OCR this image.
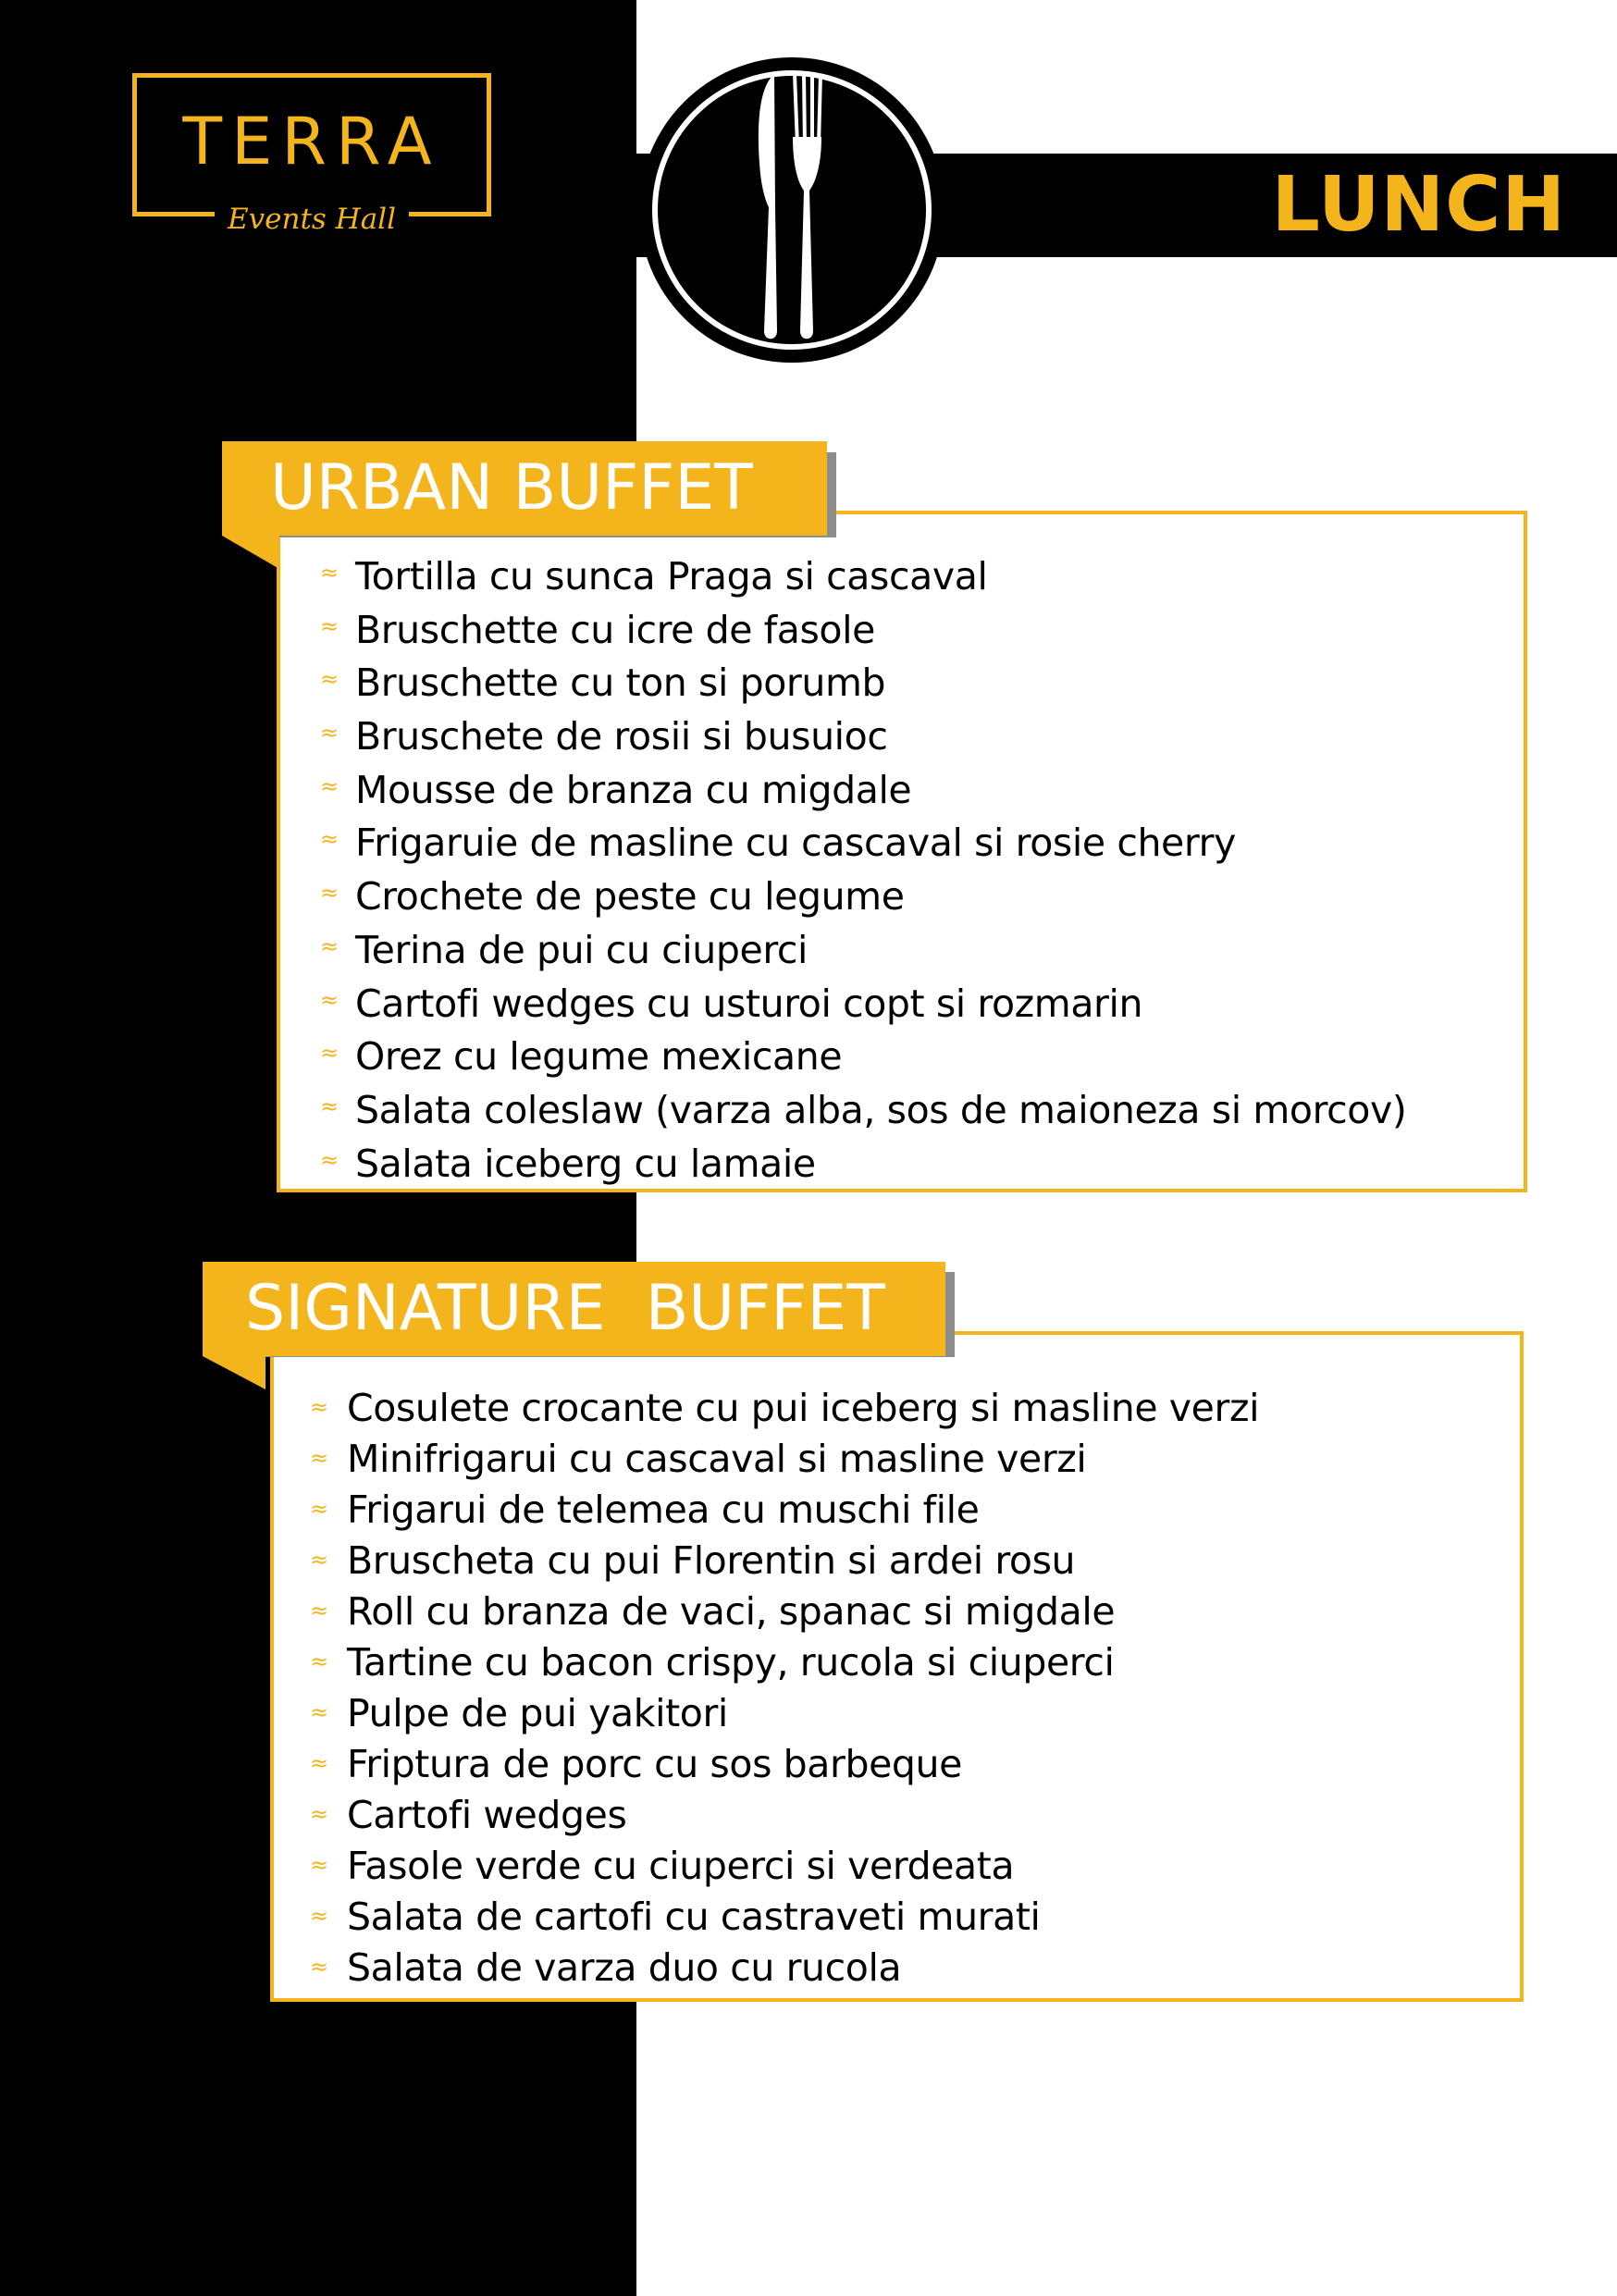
TERRA
Events Hall	LUNCH
URBAN BUFFET
≈ Tortilla cu sunca Praga si cascaval
≈ Bruschette cu icre de fasole
≈ Bruschette cu ton si porumb
≈ Bruschete de rosii si busuioc
≈ Mousse de branza cu migdale
≈ Frigaruie de masline cu cascaval si rosie cherry
≈ Crochete de peste cu legume
≈ Terina de pui cu ciuperci
≈ Cartofi wedges cu usturoi copt si rozmarin
≈ Orez cu legume mexicane
≈ Salata coleslaw (varza alba, sos de maioneza si morcov)
≈ Salata iceberg cu lamaie
SIGNATURE  BUFFET
≈ Cosulete crocante cu pui iceberg si masline verzi
≈ Minifrigarui cu cascaval si masline verzi
≈ Frigarui de telemea cu muschi file
≈ Bruscheta cu pui Florentin si ardei rosu
≈ Roll cu branza de vaci, spanac si migdale
≈ Tartine cu bacon crispy, rucola si ciuperci
≈ Pulpe de pui yakitori
≈ Friptura de porc cu sos barbeque
≈ Cartofi wedges
≈ Fasole verde cu ciuperci si verdeata
≈ Salata de cartofi cu castraveti murati
≈ Salata de varza duo cu rucola
